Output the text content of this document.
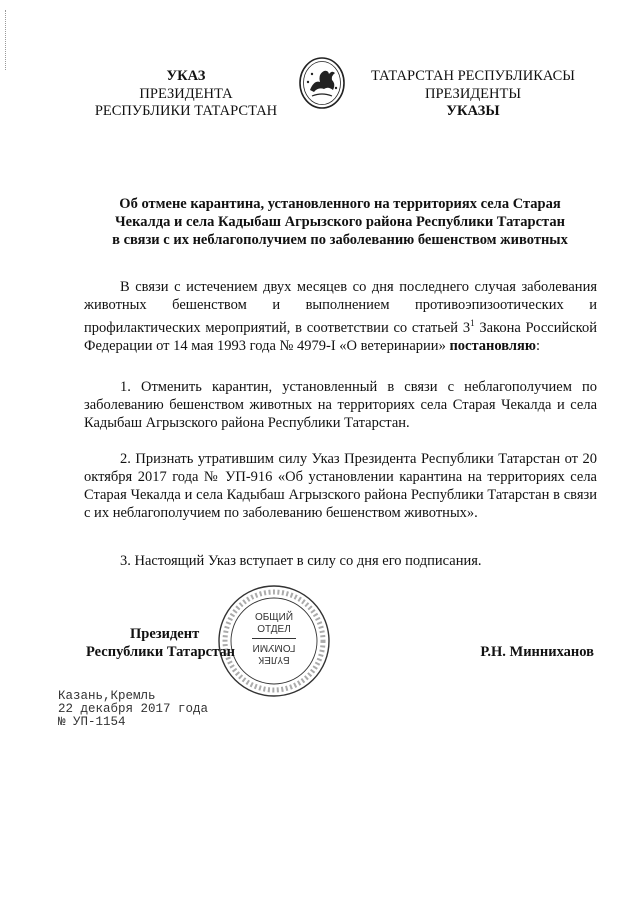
УКАЗ
ПРЕЗИДЕНТА
РЕСПУБЛИКИ ТАТАРСТАН
ТАТАРСТАН РЕСПУБЛИКАСЫ
ПРЕЗИДЕНТЫ
УКАЗЫ
Об отмене карантина, установленного на территориях села Старая
Чекалда и села Кадыбаш Агрызского района Республики Татарстан
в связи с их неблагополучием по заболеванию бешенством животных

В связи с истечением двух месяцев со дня последнего случая заболевания животных бешенством и выполнением противоэпизоотических и профилактических мероприятий, в соответствии со статьей $3^1$ Закона Российской Федерации от 14 мая 1993 года № 4979-I «О ветеринарии» постановляю:

1. Отменить карантин, установленный в связи с неблагополучием по заболеванию бешенством животных на территориях села Старая Чекалда и села Кадыбаш Агрызского района Республики Татарстан.

2. Признать утратившим силу Указ Президента Республики Татарстан от 20 октября 2017 года № УП-916 «Об установлении карантина на территориях села Старая Чекалда и села Кадыбаш Агрызского района Республики Татарстан в связи с их неблагополучием по заболеванию бешенством животных».

3. Настоящий Указ вступает в силу со дня его подписания.

ОБЩИЙ
ОТДЕЛ
ГОМУМИ
БҮЛЕК
Президент
Республики Татарстан	Р.Н. Минниханов
Казань,Кремль
22 декабря 2017 года
№ УП-1154
